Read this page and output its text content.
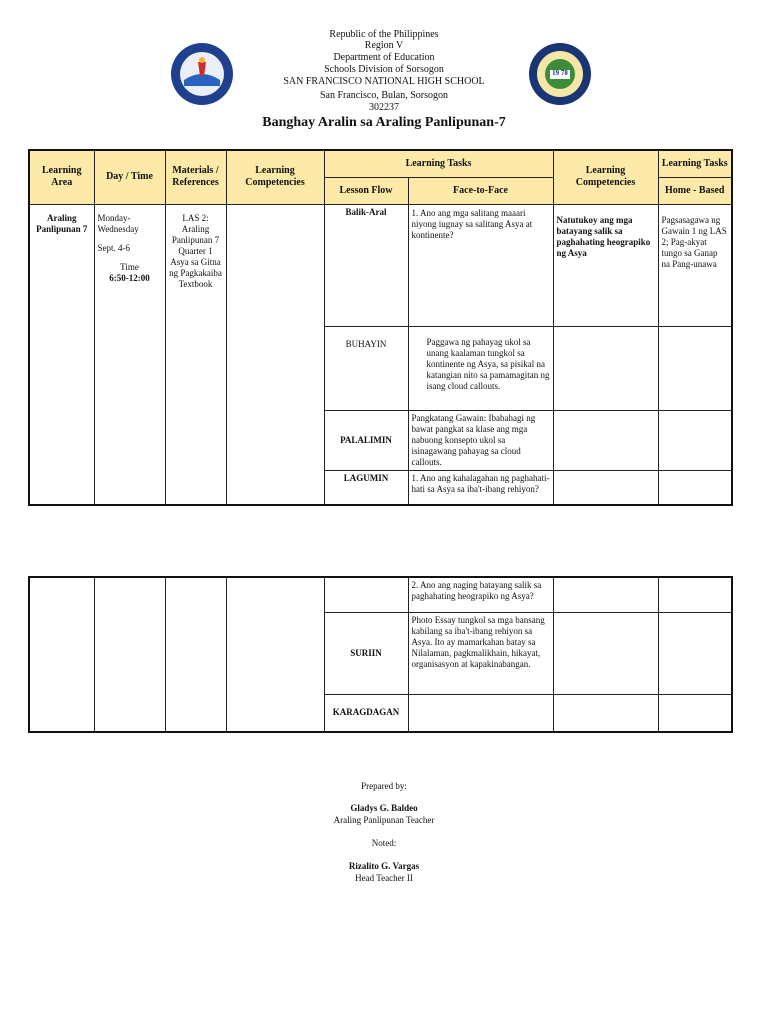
19 78
Republic of the Philippines
Region V
Department of Education
Schools Division of Sorsogon
SAN FRANCISCO NATIONAL HIGH SCHOOL
San Francisco, Bulan, Sorsogon
302237
Banghay Aralin sa Araling Panlipunan-7
Learning Area	Day / Time	Materials / References	Learning Competencies	Learning Tasks		Learning Competencies	Learning Tasks
				Lesson Flow	Face-to-Face		Home - Based
Araling Panlipunan 7	Monday-Wednesday
Sept. 4-6
Time
6:50-12:00	LAS 2: Araling Panlipunan 7 Quarter 1 Asya sa Gitna ng Pagkakaiba Textbook		Balik-Aral	1. Ano ang mga salitang maaari niyong iugnay sa salitang Asya at kontinente?	Natutukoy ang mga batayang salik sa paghahating heograpiko ng Asya	Pagsasagawa ng Gawain 1 ng LAS 2; Pag-akyat tungo sa Ganap na Pang-unawa
				BUHAYIN	Paggawa ng pahayag ukol sa unang kaalaman tungkol sa kontinente ng Asya, sa pisikal na katangian nito sa pamamagitan ng isang cloud callouts.		
				PALALIMIN	Pangkatang Gawain: Ibabahagi ng bawat pangkat sa klase ang mga nabuong konsepto ukol sa isinagawang pahayag sa cloud callouts.		
				LAGUMIN	1. Ano ang kahalagahan ng paghahati-hati sa Asya sa iba't-ibang rehiyon?		
					2. Ano ang naging batayang salik sa paghahating heograpiko ng Asya?		
				SURIIN	Photo Essay tungkol sa mga bansang kabilang sa iba't-ibang rehiyon sa Asya. Ito ay mamarkahan batay sa Nilalaman, pagkmalikhain, hikayat, organisasyon at kapakinabangan.		
				KARAGDAGAN			
Prepared by:
Gladys G. Baldeo
Araling Panlipunan Teacher
Noted:
Rizalito G. Vargas
Head Teacher II
